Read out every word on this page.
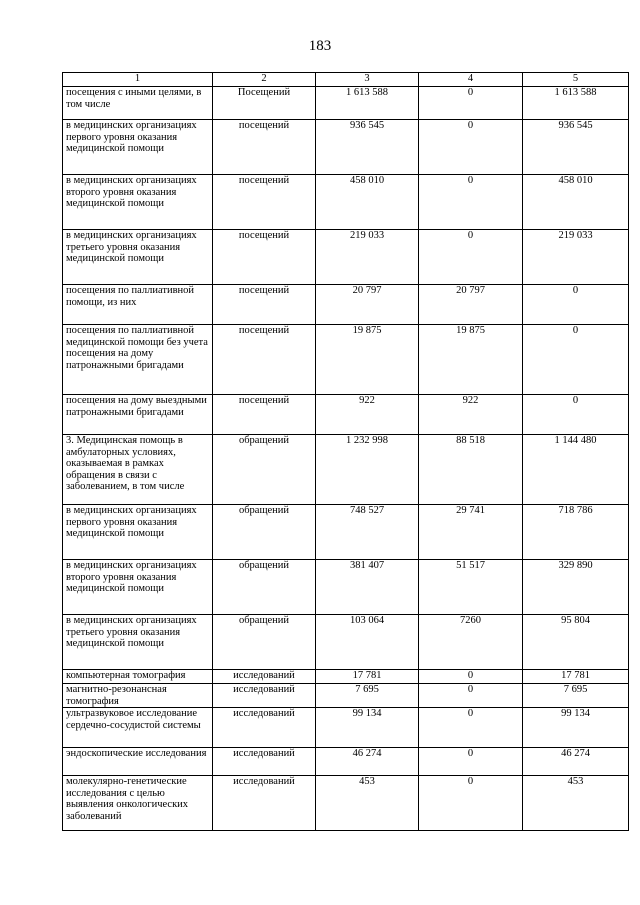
183
1	2	3	4	5
посещения с иными целями, в том числе	Посещений	1 613 588	0	1 613 588
в медицинских организациях первого уровня оказания медицинской помощи	посещений	936 545	0	936 545
в медицинских организациях второго уровня оказания медицинской помощи	посещений	458 010	0	458 010
в медицинских организациях третьего уровня оказания медицинской помощи	посещений	219 033	0	219 033
посещения по паллиативной помощи, из них	посещений	20 797	20 797	0
посещения по паллиативной медицинской помощи без учета посещения на дому патронажными бригадами	посещений	19 875	19 875	0
посещения на дому выездными патронажными бригадами	посещений	922	922	0
3. Медицинская помощь в амбулаторных условиях, оказываемая в рамках обращения в связи с заболеванием, в том числе	обращений	1 232 998	88 518	1 144 480
в медицинских организациях первого уровня оказания медицинской помощи	обращений	748 527	29 741	718 786
в медицинских организациях второго уровня оказания медицинской помощи	обращений	381 407	51 517	329 890
в медицинских организациях третьего уровня оказания медицинской помощи	обращений	103 064	7260	95 804
компьютерная томография	исследований	17 781	0	17 781
магнитно-резонансная томография	исследований	7 695	0	7 695
ультразвуковое исследование сердечно-сосудистой системы	исследований	99 134	0	99 134
эндоскопические исследования	исследований	46 274	0	46 274
молекулярно-генетические исследования с целью выявления онкологических заболеваний	исследований	453	0	453
